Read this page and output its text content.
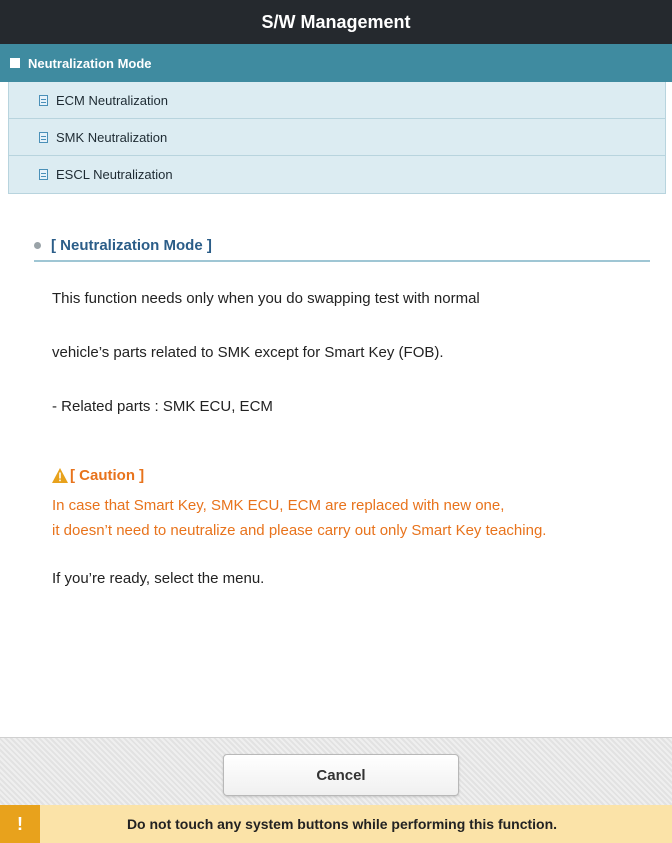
S/W Management
Neutralization Mode
ECM Neutralization
SMK Neutralization
ESCL Neutralization
[ Neutralization Mode ]
This function needs only when you do swapping test with normal
vehicle’s parts related to SMK except for Smart Key (FOB).
- Related parts : SMK ECU, ECM
[ Caution ]
In case that Smart Key, SMK ECU, ECM are replaced with new one,
it doesn’t need to neutralize and please carry out only Smart Key teaching.
If you’re ready, select the menu.
Cancel
!	Do not touch any system buttons while performing this function.
